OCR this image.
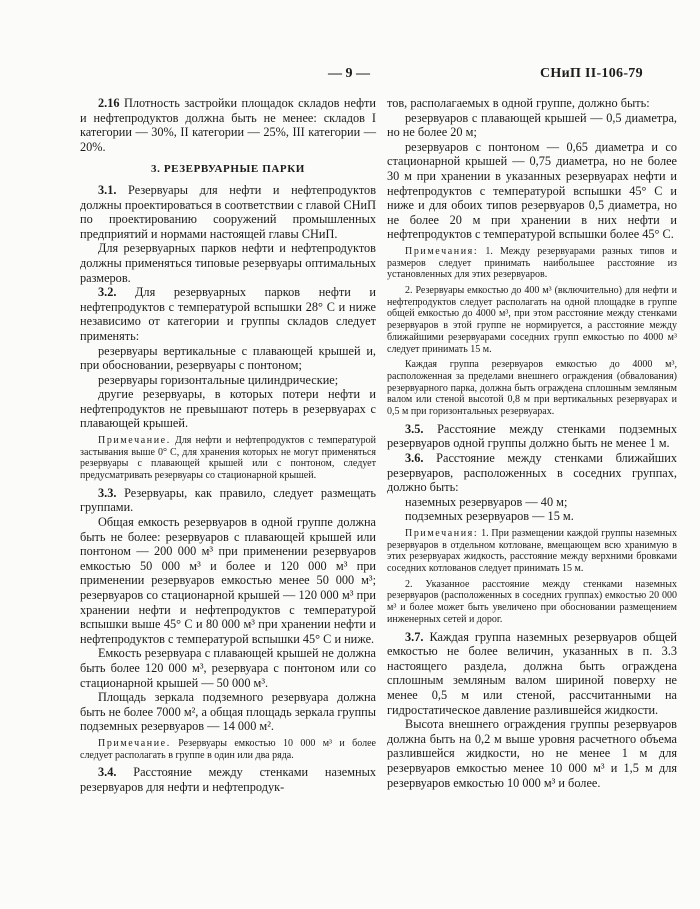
— 9 —	СНиП II-106-79

2.16 Плотность застройки площадок складов нефти и нефтепродуктов должна быть не менее: складов I категории — 30%, II категории — 25%, III категории — 20%.

3. РЕЗЕРВУАРНЫЕ ПАРКИ

3.1. Резервуары для нефти и нефтепродуктов должны проектироваться в соответствии с главой СНиП по проектированию сооружений промышленных предприятий и нормами настоящей главы СНиП.

Для резервуарных парков нефти и нефтепродуктов должны применяться типовые резервуары оптимальных размеров.

3.2. Для резервуарных парков нефти и нефтепродуктов с температурой вспышки 28° С и ниже независимо от категории и группы складов следует применять:

резервуары вертикальные с плавающей крышей и, при обосновании, резервуары с понтоном;

резервуары горизонтальные цилиндрические;

другие резервуары, в которых потери нефти и нефтепродуктов не превышают потерь в резервуарах с плавающей крышей.

Примечание. Для нефти и нефтепродуктов с температурой застывания выше 0° С, для хранения которых не могут применяться резервуары с плавающей крышей или с понтоном, следует предусматривать резервуары со стационарной крышей.

3.3. Резервуары, как правило, следует размещать группами.

Общая емкость резервуаров в одной группе должна быть не более: резервуаров с плавающей крышей или понтоном — 200 000 м³ при применении резервуаров емкостью 50 000 м³ и более и 120 000 м³ при применении резервуаров емкостью менее 50 000 м³; резервуаров со стационарной крышей — 120 000 м³ при хранении нефти и нефтепродуктов с температурой вспышки выше 45° С и 80 000 м³ при хранении нефти и нефтепродуктов с температурой вспышки 45° С и ниже.

Емкость резервуара с плавающей крышей не должна быть более 120 000 м³, резервуара с понтоном или со стационарной крышей — 50 000 м³.

Площадь зеркала подземного резервуара должна быть не более 7000 м², а общая площадь зеркала группы подземных резервуаров — 14 000 м².

Примечание. Резервуары емкостью 10 000 м³ и более следует располагать в группе в один или два ряда.

3.4. Расстояние между стенками наземных резервуаров для нефти и нефтепродук-

тов, располагаемых в одной группе, должно быть:

резервуаров с плавающей крышей — 0,5 диаметра, но не более 20 м;

резервуаров с понтоном — 0,65 диаметра и со стационарной крышей — 0,75 диаметра, но не более 30 м при хранении в указанных резервуарах нефти и нефтепродуктов с температурой вспышки 45° С и ниже и для обоих типов резервуаров 0,5 диаметра, но не более 20 м при хранении в них нефти и нефтепродуктов с температурой вспышки более 45° С.

Примечания: 1. Между резервуарами разных типов и размеров следует принимать наибольшее расстояние из установленных для этих резервуаров.

2. Резервуары емкостью до 400 м³ (включительно) для нефти и нефтепродуктов следует располагать на одной площадке в группе общей емкостью до 4000 м³, при этом расстояние между стенками резервуаров в этой группе не нормируется, а расстояние между ближайшими резервуарами соседних групп емкостью по 4000 м³ следует принимать 15 м.

Каждая группа резервуаров емкостью до 4000 м³, расположенная за пределами внешнего ограждения (обвалования) резервуарного парка, должна быть ограждена сплошным земляным валом или стеной высотой 0,8 м при вертикальных резервуарах и 0,5 м при горизонтальных резервуарах.

3.5. Расстояние между стенками подземных резервуаров одной группы должно быть не менее 1 м.

3.6. Расстояние между стенками ближайших резервуаров, расположенных в соседних группах, должно быть:

наземных резервуаров — 40 м;

подземных резервуаров — 15 м.

Примечания: 1. При размещении каждой группы наземных резервуаров в отдельном котловане, вмещающем всю хранимую в этих резервуарах жидкость, расстояние между верхними бровками соседних котлованов следует принимать 15 м.

2. Указанное расстояние между стенками наземных резервуаров (расположенных в соседних группах) емкостью 20 000 м³ и более может быть увеличено при обосновании размещением инженерных сетей и дорог.

3.7. Каждая группа наземных резервуаров общей емкостью не более величин, указанных в п. 3.3 настоящего раздела, должна быть ограждена сплошным земляным валом шириной поверху не менее 0,5 м или стеной, рассчитанными на гидростатическое давление разлившейся жидкости.

Высота внешнего ограждения группы резервуаров должна быть на 0,2 м выше уровня расчетного объема разлившейся жидкости, но не менее 1 м для резервуаров емкостью менее 10 000 м³ и 1,5 м для резервуаров емкостью 10 000 м³ и более.
